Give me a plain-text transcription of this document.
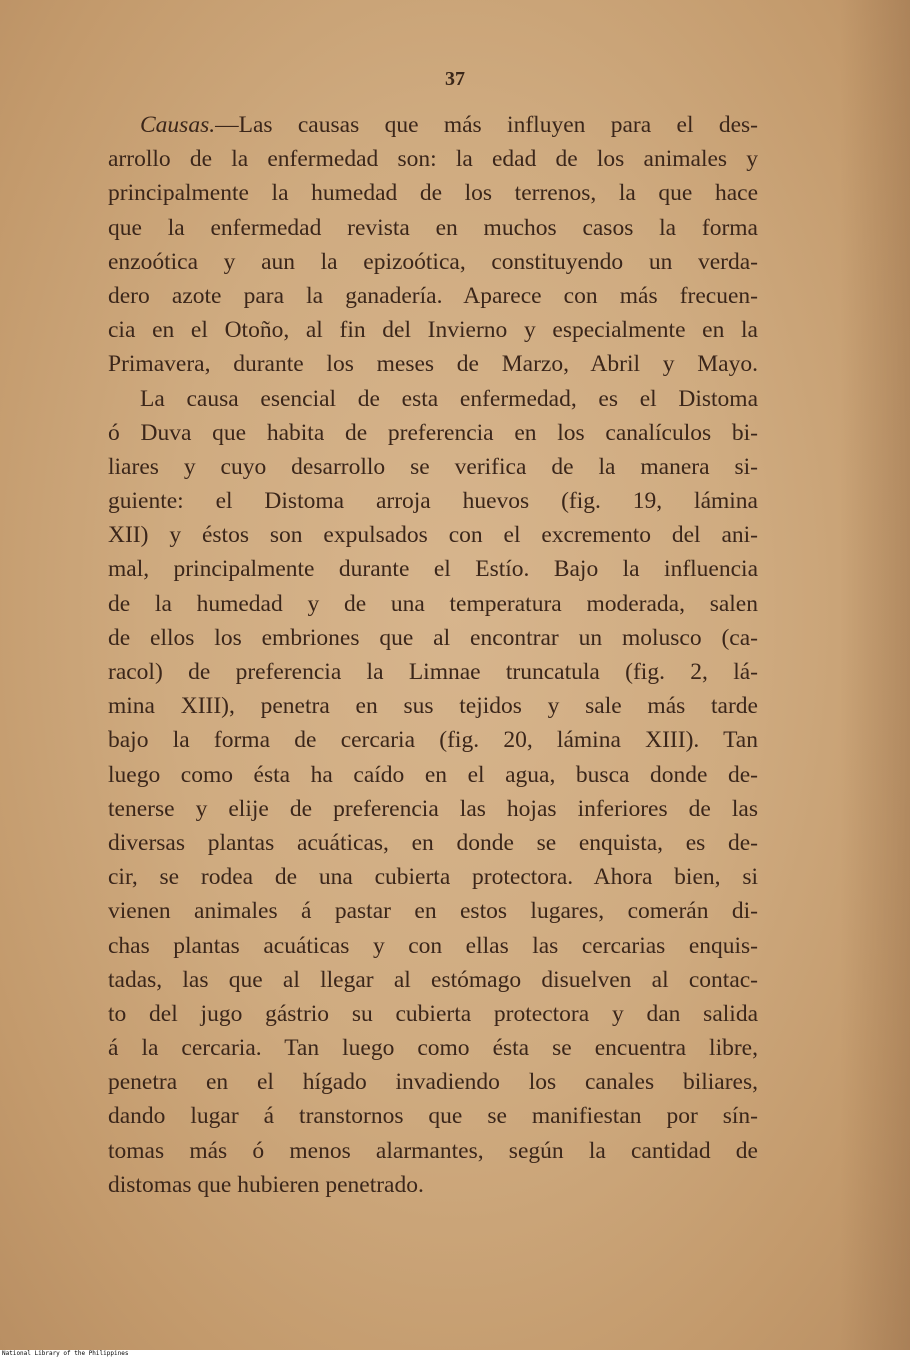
37
Causas.—Las causas que más influyen para el des-
arrollo de la enfermedad son: la edad de los animales y
principalmente la humedad de los terrenos, la que hace
que la enfermedad revista en muchos casos la forma
enzoótica y aun la epizoótica, constituyendo un verda-
dero azote para la ganadería. Aparece con más frecuen-
cia en el Otoño, al fin del Invierno y especialmente en la
Primavera, durante los meses de Marzo, Abril y Mayo.
La causa esencial de esta enfermedad, es el Distoma
ó Duva que habita de preferencia en los canalículos bi-
liares y cuyo desarrollo se verifica de la manera si-
guiente: el Distoma arroja huevos (fig. 19, lámina
XII) y éstos son expulsados con el excremento del ani-
mal, principalmente durante el Estío. Bajo la influencia
de la humedad y de una temperatura moderada, salen
de ellos los embriones que al encontrar un molusco (ca-
racol) de preferencia la Limnae truncatula (fig. 2, lá-
mina XIII), penetra en sus tejidos y sale más tarde
bajo la forma de cercaria (fig. 20, lámina XIII). Tan
luego como ésta ha caído en el agua, busca donde de-
tenerse y elije de preferencia las hojas inferiores de las
diversas plantas acuáticas, en donde se enquista, es de-
cir, se rodea de una cubierta protectora. Ahora bien, si
vienen animales á pastar en estos lugares, comerán di-
chas plantas acuáticas y con ellas las cercarias enquis-
tadas, las que al llegar al estómago disuelven al contac-
to del jugo gástrio su cubierta protectora y dan salida
á la cercaria. Tan luego como ésta se encuentra libre,
penetra en el hígado invadiendo los canales biliares,
dando lugar á transtornos que se manifiestan por sín-
tomas más ó menos alarmantes, según la cantidad de
distomas que hubieren penetrado.
National Library of the Philippines
